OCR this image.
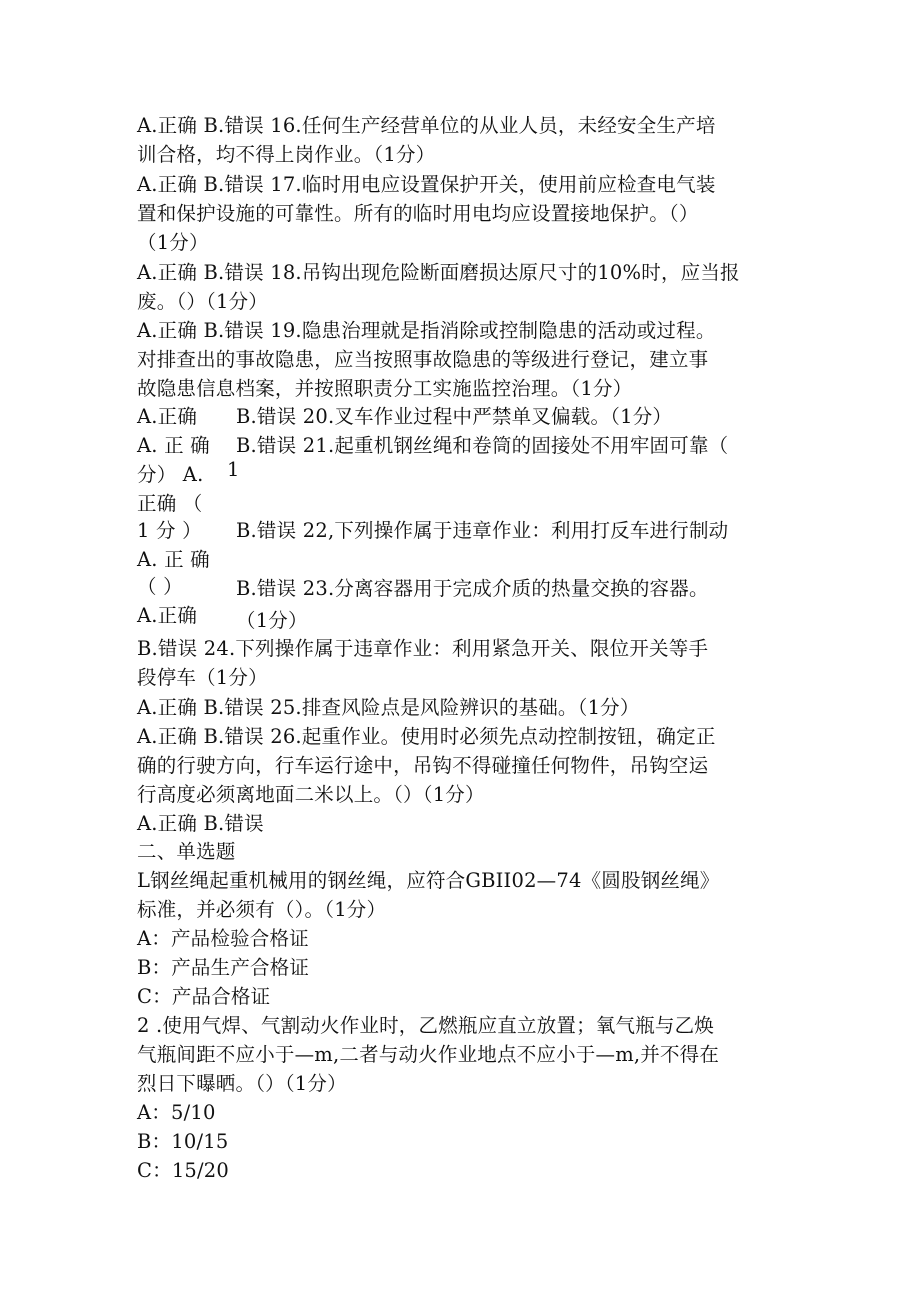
A.正确 B.错误 16.任何生产经营单位的从业人员，未经安全生产培
训合格，均不得上岗作业。（1分）
A.正确 B.错误 17.临时用电应设置保护开关，使用前应检查电气装
置和保护设施的可靠性。所有的临时用电均应设置接地保护。（）
（1分）
A.正确 B.错误 18.吊钩出现危险断面磨损达原尺寸的10%时，应当报
废。（）（1分）
A.正确 B.错误 19.隐患治理就是指消除或控制隐患的活动或过程。
对排查出的事故隐患，应当按照事故隐患的等级进行登记，建立事
故隐患信息档案，并按照职责分工实施监控治理。（1分）
A.正确 B.错误 20.叉车作业过程中严禁单叉偏载。（1分）
A. 正 确 B.错误 21.起重机钢丝绳和卷筒的固接处不用牢固可靠（
分） A. 1
正确 （
1 分 ） B.错误 22,下列操作属于违章作业：利用打反车进行制动
A. 正 确
（ ）	B.错误 23.分离容器用于完成介质的热量交换的容器。
A.正确 （1分）
B.错误 24.下列操作属于违章作业：利用紧急开关、限位开关等手
段停车（1分）
A.正确 B.错误 25.排查风险点是风险辨识的基础。（1分）
A.正确 B.错误 26.起重作业。使用时必须先点动控制按钮，确定正
确的行驶方向，行车运行途中，吊钩不得碰撞任何物件，吊钩空运
行高度必须离地面二米以上。（）（1分）
A.正确 B.错误
二、单选题
L钢丝绳起重机械用的钢丝绳，应符合GBII02—74《圆股钢丝绳》
标准，并必须有（）。（1分）
A：产品检验合格证
B：产品生产合格证
C：产品合格证
2 .使用气焊、气割动火作业时，乙燃瓶应直立放置；氧气瓶与乙焕
气瓶间距不应小于—m,二者与动火作业地点不应小于—m,并不得在
烈日下曝晒。（）（1分）
A：5/10
B：10/15
C：15/20
